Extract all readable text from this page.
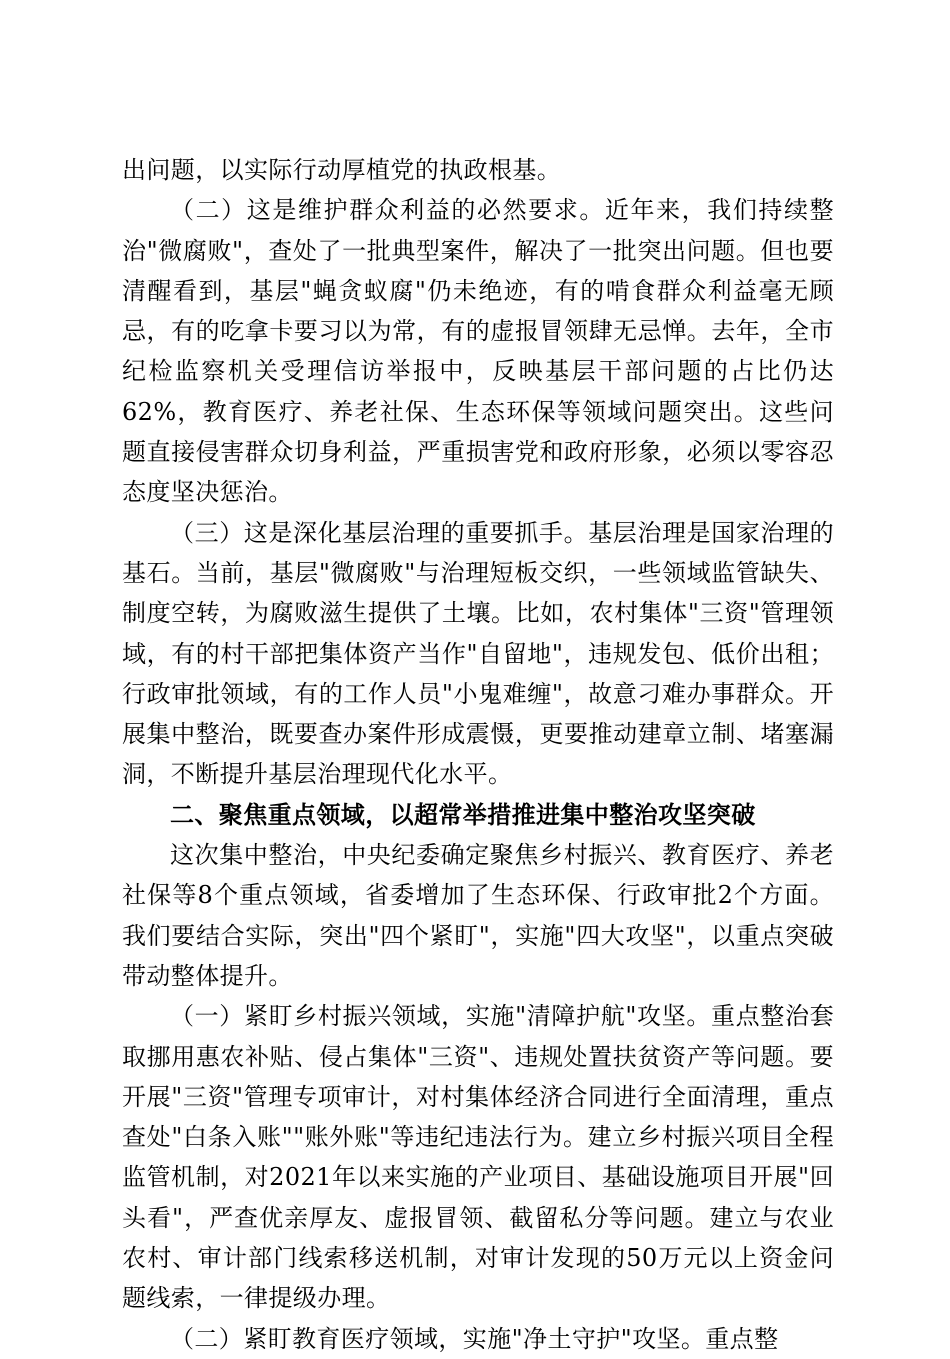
出问题，以实际行动厚植党的执政根基。

（二）这是维护群众利益的必然要求。近年来，我们持续整治"微腐败"，查处了一批典型案件，解决了一批突出问题。但也要清醒看到，基层"蝇贪蚁腐"仍未绝迹，有的啃食群众利益毫无顾忌，有的吃拿卡要习以为常，有的虚报冒领肆无忌惮。去年，全市纪检监察机关受理信访举报中，反映基层干部问题的占比仍达62%，教育医疗、养老社保、生态环保等领域问题突出。这些问题直接侵害群众切身利益，严重损害党和政府形象，必须以零容忍态度坚决惩治。

（三）这是深化基层治理的重要抓手。基层治理是国家治理的基石。当前，基层"微腐败"与治理短板交织，一些领域监管缺失、制度空转，为腐败滋生提供了土壤。比如，农村集体"三资"管理领域，有的村干部把集体资产当作"自留地"，违规发包、低价出租；行政审批领域，有的工作人员"小鬼难缠"，故意刁难办事群众。开展集中整治，既要查办案件形成震慑，更要推动建章立制、堵塞漏洞，不断提升基层治理现代化水平。

二、聚焦重点领域，以超常举措推进集中整治攻坚突破

这次集中整治，中央纪委确定聚焦乡村振兴、教育医疗、养老社保等8个重点领域，省委增加了生态环保、行政审批2个方面。我们要结合实际，突出"四个紧盯"，实施"四大攻坚"，以重点突破带动整体提升。

（一）紧盯乡村振兴领域，实施"清障护航"攻坚。重点整治套取挪用惠农补贴、侵占集体"三资"、违规处置扶贫资产等问题。要开展"三资"管理专项审计，对村集体经济合同进行全面清理，重点查处"白条入账""账外账"等违纪违法行为。建立乡村振兴项目全程监管机制，对2021年以来实施的产业项目、基础设施项目开展"回头看"，严查优亲厚友、虚报冒领、截留私分等问题。建立与农业农村、审计部门线索移送机制，对审计发现的50万元以上资金问题线索，一律提级办理。

（二）紧盯教育医疗领域，实施"净土守护"攻坚。重点整
